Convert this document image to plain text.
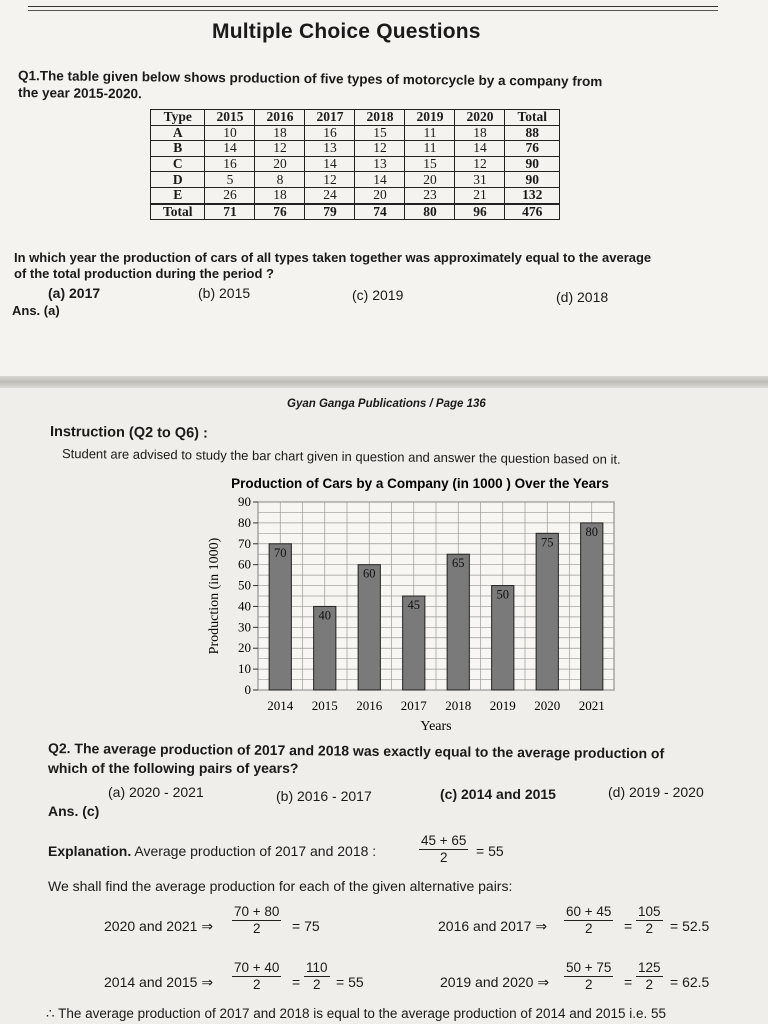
Multiple Choice Questions
Q1.The table given below shows production of five types of motorcycle by a company from
the year 2015-2020.
Type	2015	2016	2017	2018	2019	2020	Total
A	10	18	16	15	11	18	88
B	14	12	13	12	11	14	76
C	16	20	14	13	15	12	90
D	5	8	12	14	20	31	90
E	26	18	24	20	23	21	132
Total	71	76	79	74	80	96	476
In which year the production of cars of all types taken together was approximately equal to the average
of the total production during the period ?
(a) 2017	(b) 2015	(c) 2019	(d) 2018
Ans. (a)
Gyan Ganga Publications / Page 136
Instruction (Q2 to Q6) :
Student are advised to study the bar chart given in question and answer the question based on it.
Production of Cars by a Company (in 1000 ) Over the Years
Production (in 1000)
Years
70
40
60
45
65
50
75
80
0
10
20
30
40
50
60
70
80
90
2014 2015 2016 2017 2018 2019 2020 2021
Q2. The average production of 2017 and 2018 was exactly equal to the average production of
which of the following pairs of years?
(a) 2020 - 2021	(b) 2016 - 2017	(c) 2014 and 2015	(d) 2019 - 2020
Ans. (c)
Explanation. Average production of 2017 and 2018 :	$\frac{45 + 65}{2} = 55$
We shall find the average production for each of the given alternative pairs:
2020 and 2021 ⇒ $\frac{70 + 80}{2} = 75$	2016 and 2017 ⇒ $\frac{60 + 45}{2} = \frac{105}{2} = 52.5$
2014 and 2015 ⇒ $\frac{70 + 40}{2} = \frac{110}{2} = 55$	2019 and 2020 ⇒ $\frac{50 + 75}{2} = \frac{125}{2} = 62.5$
∴ The average production of 2017 and 2018 is equal to the average production of 2014 and 2015 i.e. 55
